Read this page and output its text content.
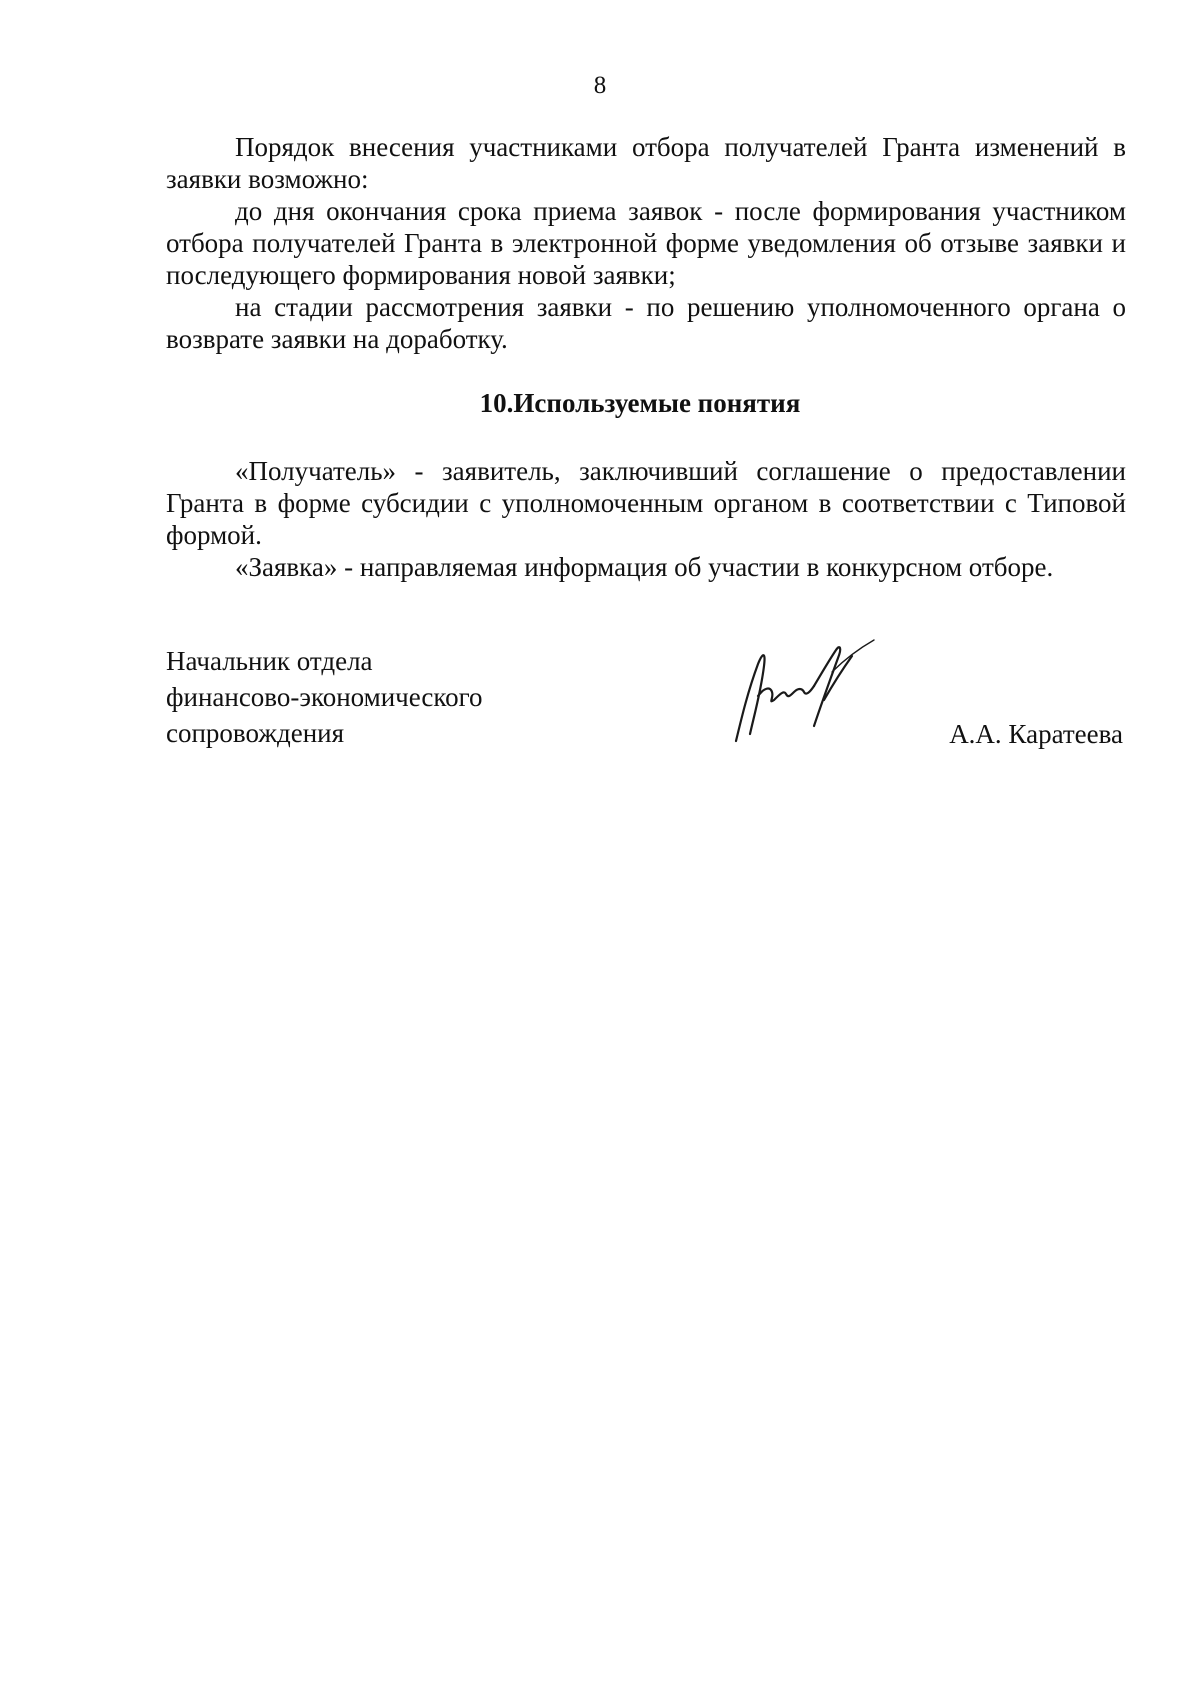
8

Порядок внесения участниками отбора получателей Гранта изменений в заявки возможно:

до дня окончания срока приема заявок - после формирования участником отбора получателей Гранта в электронной форме уведомления об отзыве заявки и последующего формирования новой заявки;

на стадии рассмотрения заявки - по решению уполномоченного органа о возврате заявки на доработку.

10.Используемые понятия

«Получатель» - заявитель, заключивший соглашение о предоставлении Гранта в форме субсидии с уполномоченным органом в соответствии с Типовой формой.

«Заявка» - направляемая информация об участии в конкурсном отборе.

Начальник отдела
финансово-экономического
сопровождения	А.А. Каратеева
